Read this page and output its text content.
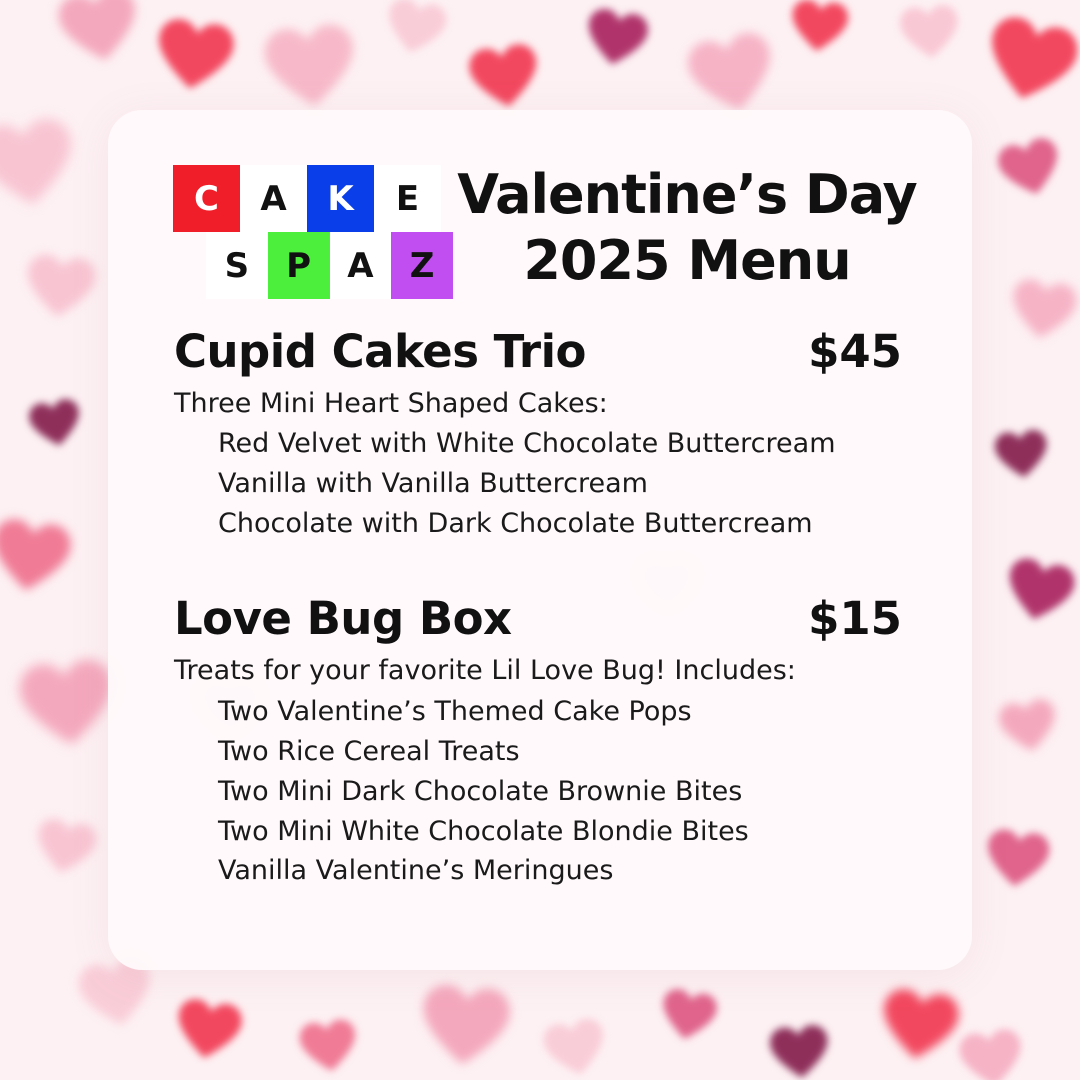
C	A	K	E
S	P	A	Z
Valentine’s Day
2025 Menu
Cupid Cakes Trio	$45
Three Mini Heart Shaped Cakes:
Red Velvet with White Chocolate Buttercream
Vanilla with Vanilla Buttercream
Chocolate with Dark Chocolate Buttercream
Love Bug Box	$15
Treats for your favorite Lil Love Bug! Includes:
Two Valentine’s Themed Cake Pops
Two Rice Cereal Treats
Two Mini Dark Chocolate Brownie Bites
Two Mini White Chocolate Blondie Bites
Vanilla Valentine’s Meringues
